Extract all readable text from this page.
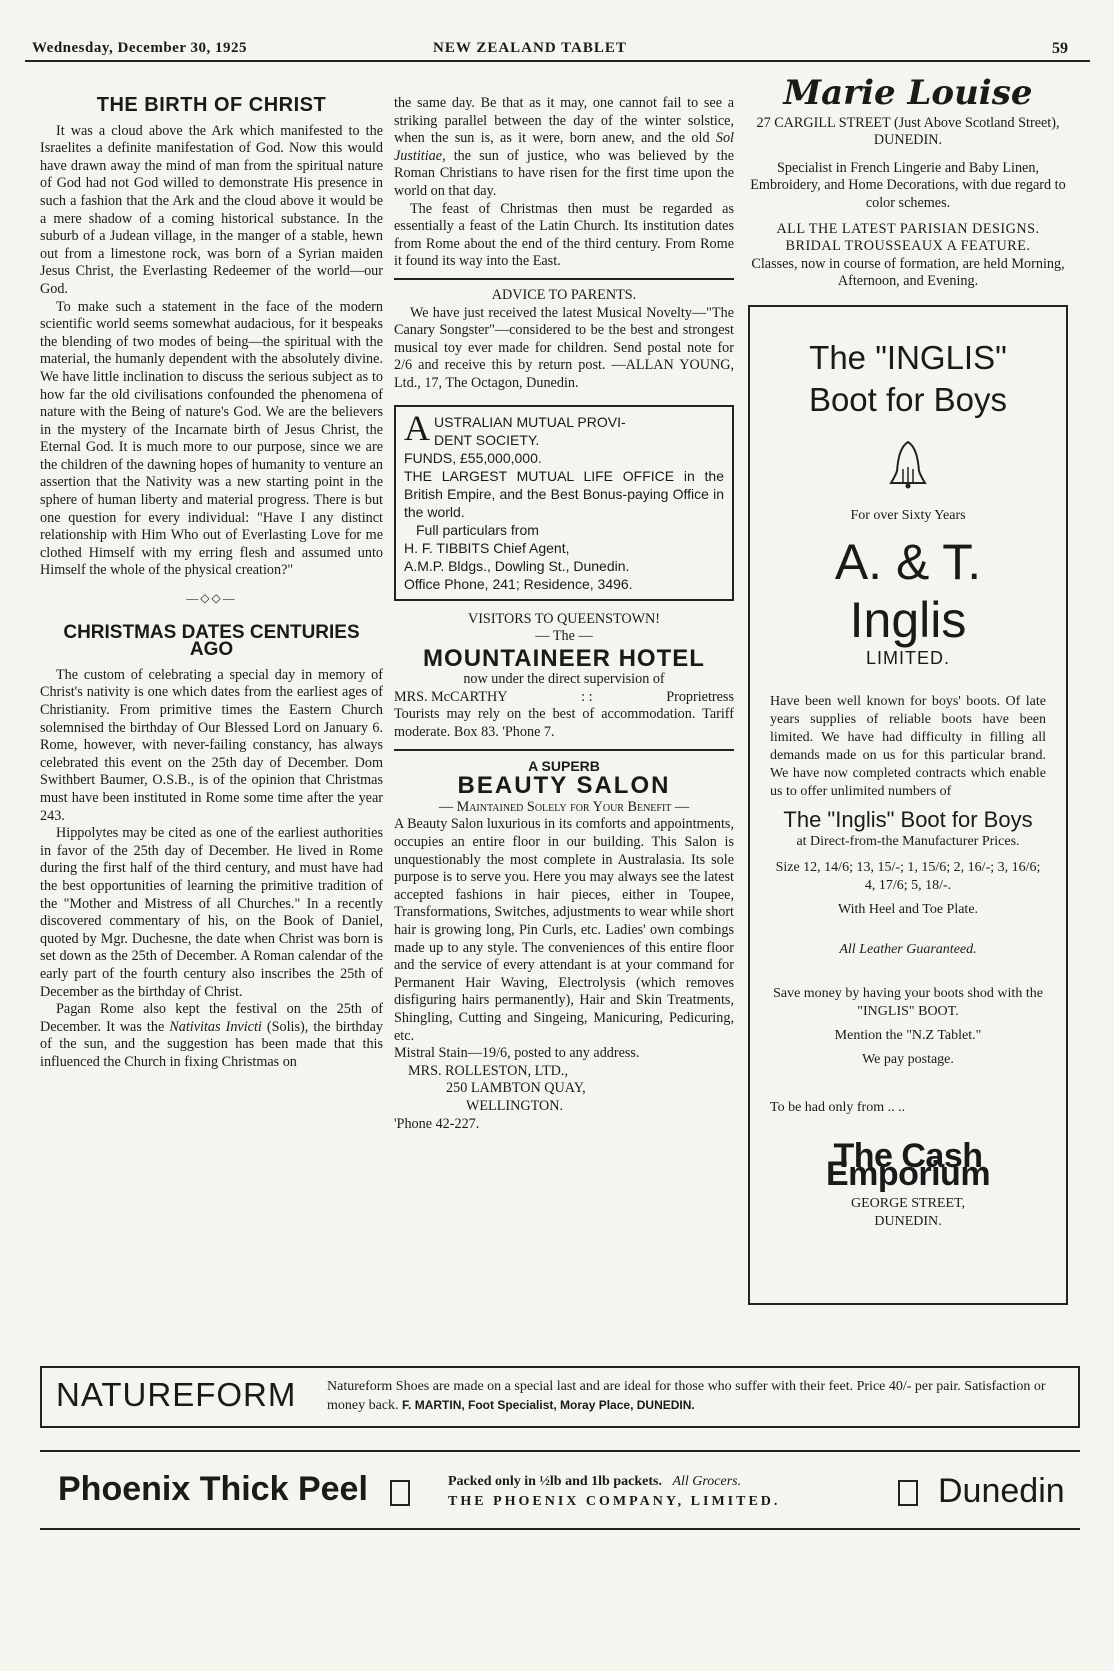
Wednesday, December 30, 1925	NEW ZEALAND TABLET	59
THE BIRTH OF CHRIST

It was a cloud above the Ark which manifested to the Israelites a definite manifestation of God. Now this would have drawn away the mind of man from the spiritual nature of God had not God willed to demonstrate His presence in such a fashion that the Ark and the cloud above it would be a mere shadow of a coming historical substance. In the suburb of a Judean village, in the manger of a stable, hewn out from a limestone rock, was born of a Syrian maiden Jesus Christ, the Everlasting Redeemer of the world—our God.

To make such a statement in the face of the modern scientific world seems somewhat audacious, for it bespeaks the blending of two modes of being—the spiritual with the material, the humanly dependent with the absolutely divine. We have little inclination to discuss the serious subject as to how far the old civilisations confounded the phenomena of nature with the Being of nature's God. We are the believers in the mystery of the Incarnate birth of Jesus Christ, the Eternal God. It is much more to our purpose, since we are the children of the dawning hopes of humanity to venture an assertion that the Nativity was a new starting point in the sphere of human liberty and material progress. There is but one question for every individual: "Have I any distinct relationship with Him Who out of Everlasting Love for me clothed Himself with my erring flesh and assumed unto Himself the whole of the physical creation?"

—◇◇—
CHRISTMAS DATES CENTURIES AGO

The custom of celebrating a special day in memory of Christ's nativity is one which dates from the earliest ages of Christianity. From primitive times the Eastern Church solemnised the birthday of Our Blessed Lord on January 6. Rome, however, with never-failing constancy, has always celebrated this event on the 25th day of December. Dom Swithbert Baumer, O.S.B., is of the opinion that Christmas must have been instituted in Rome some time after the year 243.

Hippolytes may be cited as one of the earliest authorities in favor of the 25th day of December. He lived in Rome during the first half of the third century, and must have had the best opportunities of learning the primitive tradition of the "Mother and Mistress of all Churches." In a recently discovered commentary of his, on the Book of Daniel, quoted by Mgr. Duchesne, the date when Christ was born is set down as the 25th of December. A Roman calendar of the early part of the fourth century also inscribes the 25th of December as the birthday of Christ.

Pagan Rome also kept the festival on the 25th of December. It was the Nativitas Invicti (Solis), the birthday of the sun, and the suggestion has been made that this influenced the Church in fixing Christmas on

the same day. Be that as it may, one cannot fail to see a striking parallel between the day of the winter solstice, when the sun is, as it were, born anew, and the old Sol Justitiae, the sun of justice, who was believed by the Roman Christians to have risen for the first time upon the world on that day.

The feast of Christmas then must be regarded as essentially a feast of the Latin Church. Its institution dates from Rome about the end of the third century. From Rome it found its way into the East.

ADVICE TO PARENTS.

We have just received the latest Musical Novelty—"The Canary Songster"—considered to be the best and strongest musical toy ever made for children. Send postal note for 2/6 and receive this by return post. —ALLAN YOUNG, Ltd., 17, The Octagon, Dunedin.

A USTRALIAN MUTUAL PROVI-
DENT SOCIETY.
FUNDS, £55,000,000.
THE LARGEST MUTUAL LIFE OFFICE in the British Empire, and the Best Bonus-paying Office in the world.
Full particulars from
H. F. TIBBITS Chief Agent,
A.M.P. Bldgs., Dowling St., Dunedin.
Office Phone, 241; Residence, 3496.
VISITORS TO QUEENSTOWN!
— The —
MOUNTAINEER HOTEL
now under the direct supervision of
MRS. McCARTHY	: :	Proprietress

Tourists may rely on the best of accommodation. Tariff moderate. Box 83. 'Phone 7.

A SUPERB
BEAUTY SALON
— Maintained Solely for Your Benefit —

A Beauty Salon luxurious in its comforts and appointments, occupies an entire floor in our building. This Salon is unquestionably the most complete in Australasia. Its sole purpose is to serve you. Here you may always see the latest accepted fashions in hair pieces, either in Toupee, Transformations, Switches, adjustments to wear while short hair is growing long, Pin Curls, etc. Ladies' own combings made up to any style. The conveniences of this entire floor and the service of every attendant is at your command for Permanent Hair Waving, Electrolysis (which removes disfiguring hairs permanently), Hair and Skin Treatments, Shingling, Cutting and Singeing, Manicuring, Pedicuring, etc.

Mistral Stain—19/6, posted to any address.
MRS. ROLLESTON, LTD.,
250 LAMBTON QUAY,
WELLINGTON.
'Phone 42-227.
Marie Louise
27 CARGILL STREET (Just Above Scotland Street), DUNEDIN.
Specialist in French Lingerie and Baby Linen, Embroidery, and Home Decorations, with due regard to color schemes.
ALL THE LATEST PARISIAN DESIGNS.
BRIDAL TROUSSEAUX A FEATURE.
Classes, now in course of formation, are held Morning, Afternoon, and Evening.
The "INGLIS"
Boot for Boys
For over Sixty Years
A. & T. Inglis
LIMITED.
Have been well known for boys' boots. Of late years supplies of reliable boots have been limited. We have had difficulty in filling all demands made on us for this particular brand. We have now completed contracts which enable us to offer unlimited numbers of
The "Inglis" Boot for Boys
at Direct-from-the Manufacturer Prices.
Size 12, 14/6; 13, 15/-; 1, 15/6; 2, 16/-; 3, 16/6; 4, 17/6; 5, 18/-.
With Heel and Toe Plate.
All Leather Guaranteed.
Save money by having your boots shod with the "INGLIS" BOOT.
Mention the "N.Z Tablet."
We pay postage.
To be had only from .. ..
The Cash Emporium
GEORGE STREET,
DUNEDIN.
NATUREFORM Natureform Shoes are made on a special last and are ideal for those who suffer with their feet. Price 40/- per pair. Satisfaction or money back. F. MARTIN, Foot Specialist, Moray Place, DUNEDIN.
Phoenix Thick Peel	Packed only in ½lb and 1lb packets. All Grocers.
THE PHOENIX COMPANY, LIMITED.	Dunedin
